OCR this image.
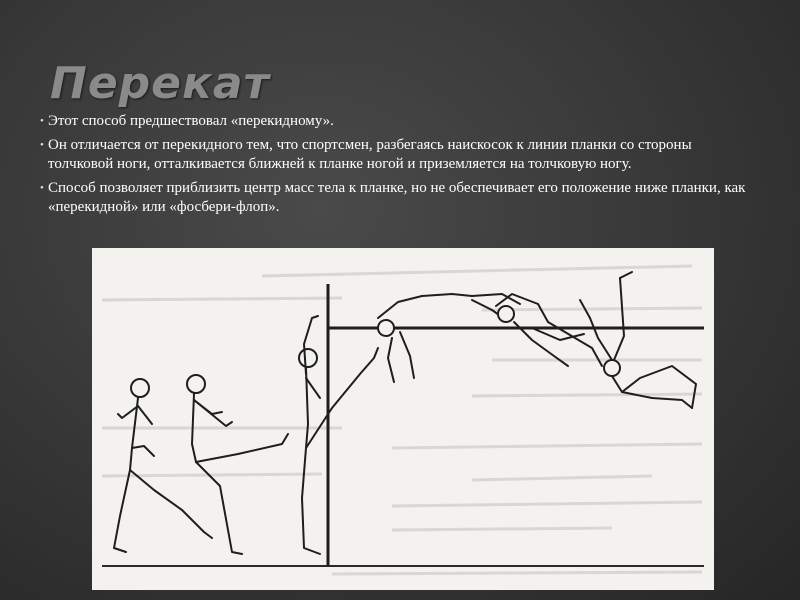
Перекат
• Этот способ предшествовал «перекидному».
• Он отличается от перекидного тем, что спортсмен, разбегаясь наискосок к линии планки со стороны толчковой ноги, отталкивается ближней к планке ногой и приземляется на толчковую ногу.
• Способ позволяет приблизить центр масс тела к планке, но не обеспечивает его положение ниже планки, как «перекидной» или «фосбери-флоп».
